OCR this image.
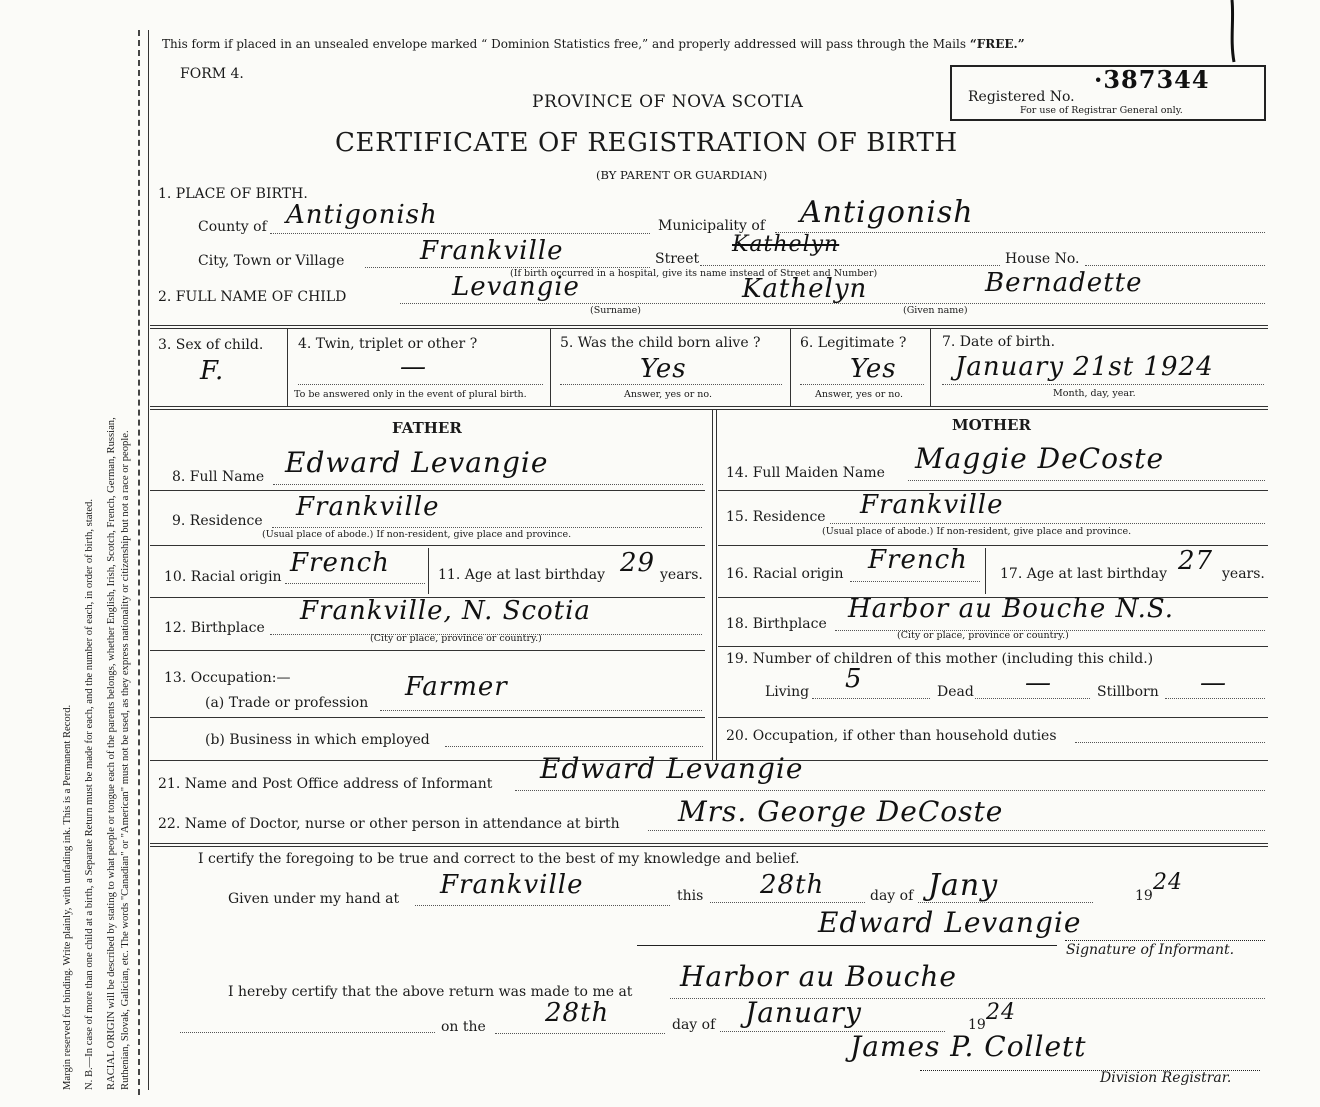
Margin reserved for binding. Write plainly, with unfading ink. This is a Permanent Record. N. B.—In case of more than one child at a birth, a Separate Return must be made for each, and the number of each, in order of birth, stated. RACIAL ORIGIN will be described by stating to what people or tongue each of the parents belongs, whether English, Irish, Scotch, French, German, Russian, Ruthenian, Slovak, Galician, etc. The words "Canadian" or "American" must not be used, as they express nationality or citizenship but not a race or people.
This form if placed in an unsealed envelope marked “ Dominion Statistics free,” and properly addressed will pass through the Mails “FREE.”
FORM 4.
PROVINCE OF NOVA SCOTIA
CERTIFICATE OF REGISTRATION OF BIRTH
(BY PARENT OR GUARDIAN)
Registered No.
·387344
For use of Registrar General only.
1. PLACE OF BIRTH.
County of Antigonish	Municipality of Antigonish
City, Town or Village	Frankville	Street
Kathelyn
House No.
(If birth occurred in a hospital, give its name instead of Street and Number)
2. FULL NAME OF CHILD	Levangie	Kathelyn	Bernadette
(Surname)	(Given name)
3. Sex of child.
F.
4. Twin, triplet or other ?
—
To be answered only in the event of plural birth.
5. Was the child born alive ?
Yes
Answer, yes or no.
6. Legitimate ?
Yes
Answer, yes or no.
7. Date of birth.
January 21st 1924
Month, day, year.
FATHER	MOTHER
8. Full Name Edward Levangie
9. Residence Frankville
(Usual place of abode.) If non-resident, give place and province.
10. Racial origin French	11. Age at last birthday 29 years.
12. Birthplace
Frankville, N. Scotia
(City or place, province or country.)
13. Occupation:—
(a) Trade or profession
Farmer
(b) Business in which employed
14. Full Maiden Name Maggie DeCoste
15. Residence Frankville
(Usual place of abode.) If non-resident, give place and province.
16. Racial origin French 17. Age at last birthday 27 years.
18. Birthplace Harbor au Bouche N.S.
(City or place, province or country.)
19. Number of children of this mother (including this child.)
Living 5	Dead —	Stillborn —
20. Occupation, if other than household duties
21. Name and Post Office address of Informant Edward Levangie
22. Name of Doctor, nurse or other person in attendance at birth Mrs. George DeCoste
I certify the foregoing to be true and correct to the best of my knowledge and belief.
Given under my hand at Frankville	this 28th	day of Jany	19
24
Edward Levangie
Signature of Informant.
I hereby certify that the above return was made to me at Harbor au Bouche
on the 28th	day of January	19 24
James P. Collett
Division Registrar.
